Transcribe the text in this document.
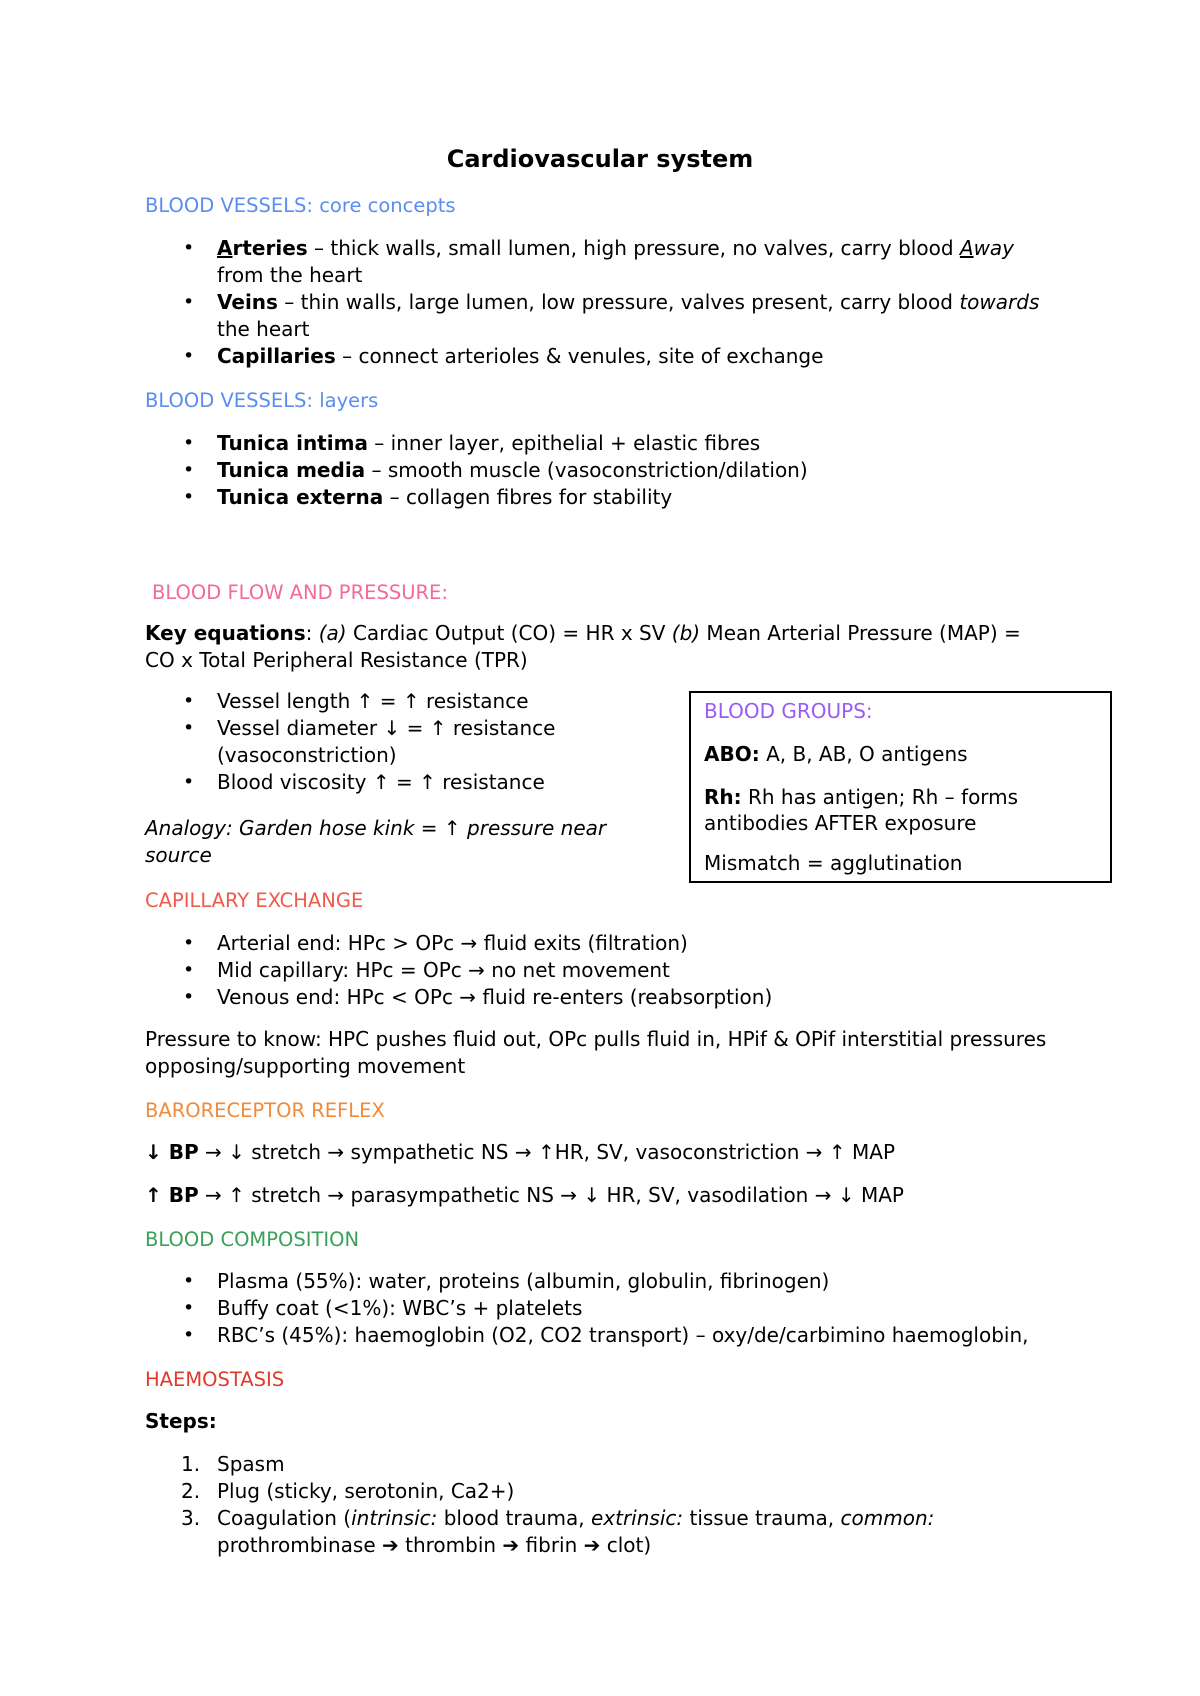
Cardiovascular system
BLOOD VESSELS: core concepts
• Arteries – thick walls, small lumen, high pressure, no valves, carry blood Away
from the heart
• Veins – thin walls, large lumen, low pressure, valves present, carry blood towards
the heart
• Capillaries – connect arterioles & venules, site of exchange
BLOOD VESSELS: layers
• Tunica intima – inner layer, epithelial + elastic fibres
• Tunica media – smooth muscle (vasoconstriction/dilation)
• Tunica externa – collagen fibres for stability
BLOOD FLOW AND PRESSURE:

Key equations: (a) Cardiac Output (CO) = HR x SV (b) Mean Arterial Pressure (MAP) =
CO x Total Peripheral Resistance (TPR)

• Vessel length ↑ = ↑ resistance
• Vessel diameter ↓ = ↑ resistance
(vasoconstriction)
• Blood viscosity ↑ = ↑ resistance

Analogy: Garden hose kink = ↑ pressure near
source

BLOOD GROUPS:

ABO: A, B, AB, O antigens

Rh: Rh has antigen; Rh – forms
antibodies AFTER exposure

Mismatch = agglutination

CAPILLARY EXCHANGE
• Arterial end: HPc > OPc → fluid exits (filtration)
• Mid capillary: HPc = OPc → no net movement
• Venous end: HPc < OPc → fluid re-enters (reabsorption)

Pressure to know: HPC pushes fluid out, OPc pulls fluid in, HPif & OPif interstitial pressures
opposing/supporting movement

BARORECEPTOR REFLEX

↓ BP → ↓ stretch → sympathetic NS → ↑HR, SV, vasoconstriction → ↑ MAP

↑ BP → ↑ stretch → parasympathetic NS → ↓ HR, SV, vasodilation → ↓ MAP

BLOOD COMPOSITION
• Plasma (55%): water, proteins (albumin, globulin, fibrinogen)
• Buffy coat (<1%): WBC’s + platelets
• RBC’s (45%): haemoglobin (O2, CO2 transport) – oxy/de/carbimino haemoglobin,
HAEMOSTASIS

Steps:

1. Spasm
2. Plug (sticky, serotonin, Ca2+)
3. Coagulation (intrinsic: blood trauma, extrinsic: tissue trauma, common:
prothrombinase ➔ thrombin ➔ fibrin ➔ clot)
